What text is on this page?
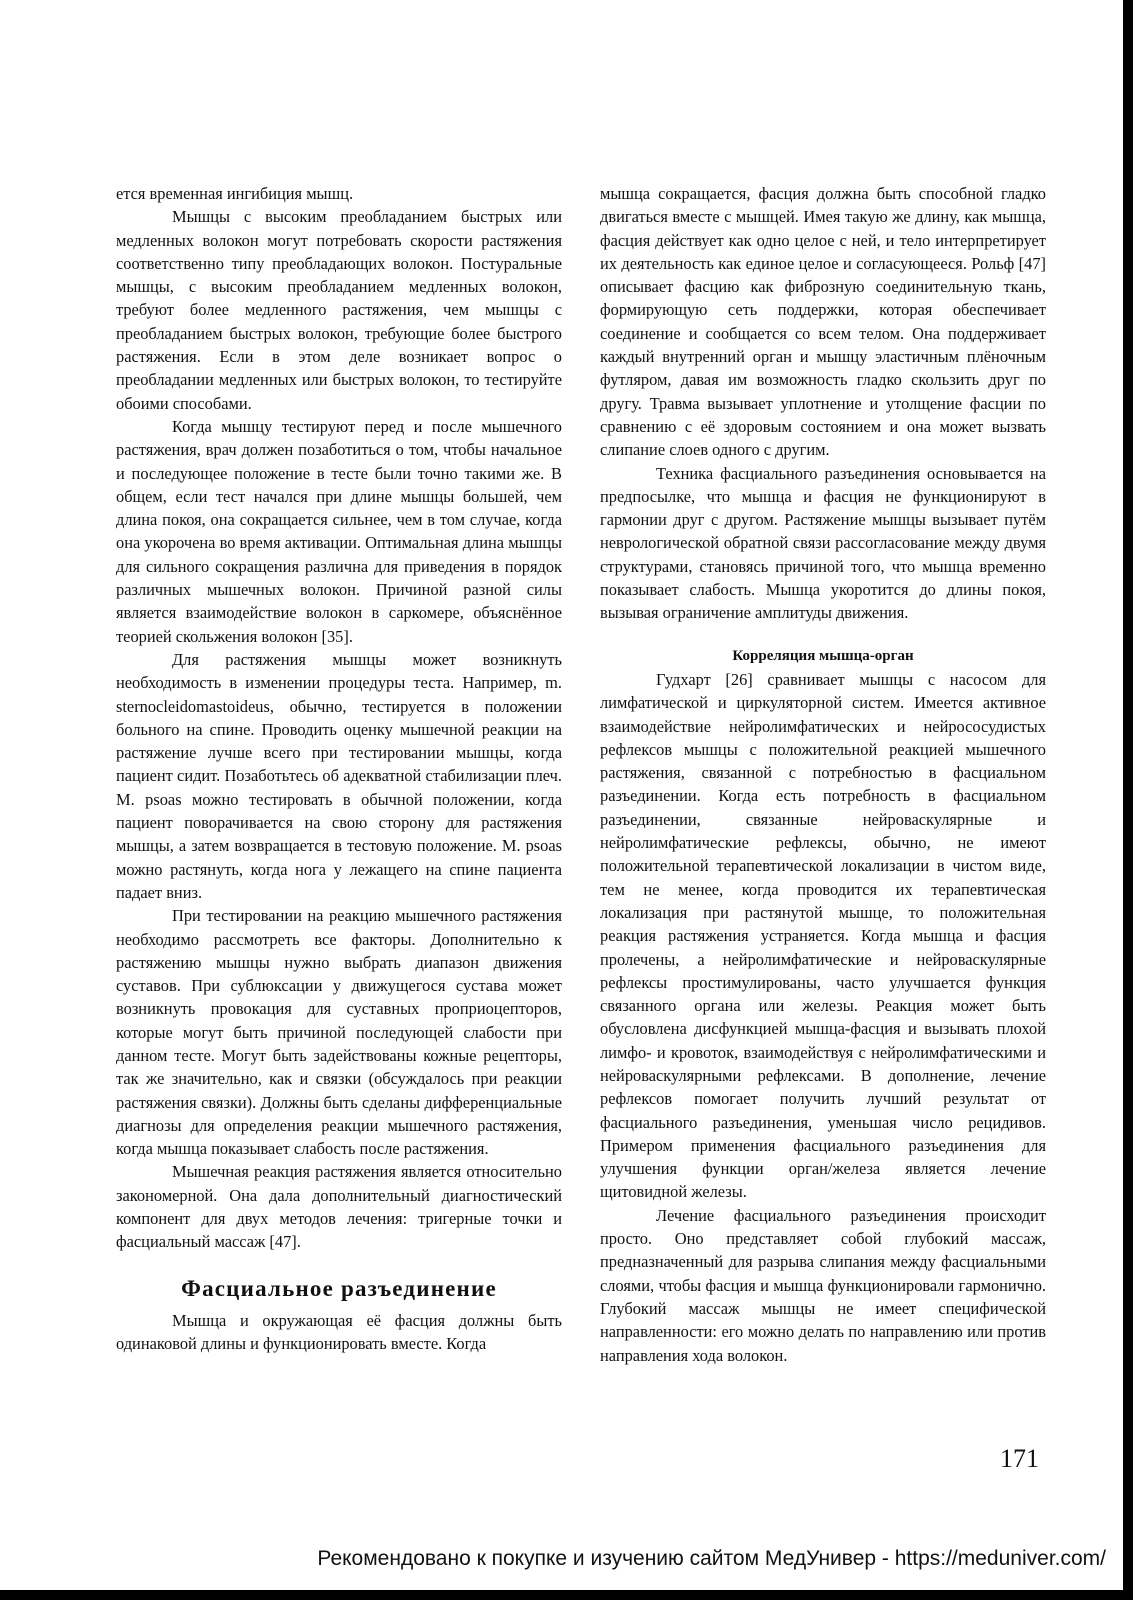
ется временная ингибиция мышц.

Мышцы с высоким преобладанием быстрых или медленных волокон могут потребовать скорости растяжения соответственно типу преобладающих волокон. Постуральные мышцы, с высоким преобладанием медленных волокон, требуют более медленного растяжения, чем мышцы с преобладанием быстрых волокон, требующие более быстрого растяжения. Если в этом деле возникает вопрос о преобладании медленных или быстрых волокон, то тестируйте обоими способами.

Когда мышцу тестируют перед и после мышечного растяжения, врач должен позаботиться о том, чтобы начальное и последующее положение в тесте были точно такими же. В общем, если тест начался при длине мышцы большей, чем длина покоя, она сокращается сильнее, чем в том случае, когда она укорочена во время активации. Оптимальная длина мышцы для сильного сокращения различна для приведения в порядок различных мышечных волокон. Причиной разной силы является взаимодействие волокон в саркомере, объяснённое теорией скольжения волокон [35].

Для растяжения мышцы может возникнуть необходимость в изменении процедуры теста. Например, m. sternocleidomastoideus, обычно, тестируется в положении больного на спине. Проводить оценку мышечной реакции на растяжение лучше всего при тестировании мышцы, когда пациент сидит. Позаботьтесь об адекватной стабилизации плеч. M. psoas можно тестировать в обычной положении, когда пациент поворачивается на свою сторону для растяжения мышцы, а затем возвращается в тестовую положение. M. psoas можно растянуть, когда нога у лежащего на спине пациента падает вниз.

При тестировании на реакцию мышечного растяжения необходимо рассмотреть все факторы. Дополнительно к растяжению мышцы нужно выбрать диапазон движения суставов. При сублюксации у движущегося сустава может возникнуть провокация для суставных проприоцепторов, которые могут быть причиной последующей слабости при данном тесте. Могут быть задействованы кожные рецепторы, так же значительно, как и связки (обсуждалось при реакции растяжения связки). Должны быть сделаны дифференциальные диагнозы для определения реакции мышечного растяжения, когда мышца показывает слабость после растяжения.

Мышечная реакция растяжения является относительно закономерной. Она дала дополнительный диагностический компонент для двух методов лечения: тригерные точки и фасциальный массаж [47].

Фасциальное разъединение

Мышца и окружающая её фасция должны быть одинаковой длины и функционировать вместе. Когда

мышца сокращается, фасция должна быть способной гладко двигаться вместе с мышцей. Имея такую же длину, как мышца, фасция действует как одно целое с ней, и тело интерпретирует их деятельность как единое целое и согласующееся. Рольф [47] описывает фасцию как фиброзную соединительную ткань, формирующую сеть поддержки, которая обеспечивает соединение и сообщается со всем телом. Она поддерживает каждый внутренний орган и мышцу эластичным плёночным футляром, давая им возможность гладко скользить друг по другу. Травма вызывает уплотнение и утолщение фасции по сравнению с её здоровым состоянием и она может вызвать слипание слоев одного с другим.

Техника фасциального разъединения основывается на предпосылке, что мышца и фасция не функционируют в гармонии друг с другом. Растяжение мышцы вызывает путём неврологической обратной связи рассогласование между двумя структурами, становясь причиной того, что мышца временно показывает слабость. Мышца укоротится до длины покоя, вызывая ограничение амплитуды движения.

Корреляция мышца-орган

Гудхарт [26] сравнивает мышцы с насосом для лимфатической и циркуляторной систем. Имеется активное взаимодействие нейролимфатических и нейрососудистых рефлексов мышцы с положительной реакцией мышечного растяжения, связанной с потребностью в фасциальном разъединении. Когда есть потребность в фасциальном разъединении, связанные нейроваскулярные и нейролимфатические рефлексы, обычно, не имеют положительной терапевтической локализации в чистом виде, тем не менее, когда проводится их терапевтическая локализация при растянутой мышце, то положительная реакция растяжения устраняется. Когда мышца и фасция пролечены, а нейролимфатические и нейроваскулярные рефлексы простимулированы, часто улучшается функция связанного органа или железы. Реакция может быть обусловлена дисфункцией мышца-фасция и вызывать плохой лимфо- и кровоток, взаимодействуя с нейролимфатическими и нейроваскулярными рефлексами. В дополнение, лечение рефлексов помогает получить лучший результат от фасциального разъединения, уменьшая число рецидивов. Примером применения фасциального разъединения для улучшения функции орган/железа является лечение щитовидной железы.

Лечение фасциального разъединения происходит просто. Оно представляет собой глубокий массаж, предназначенный для разрыва слипания между фасциальными слоями, чтобы фасция и мышца функционировали гармонично. Глубокий массаж мышцы не имеет специфической направленности: его можно делать по направлению или против направления хода волокон.

171
Рекомендовано к покупке и изучению сайтом МедУнивер - https://meduniver.com/
